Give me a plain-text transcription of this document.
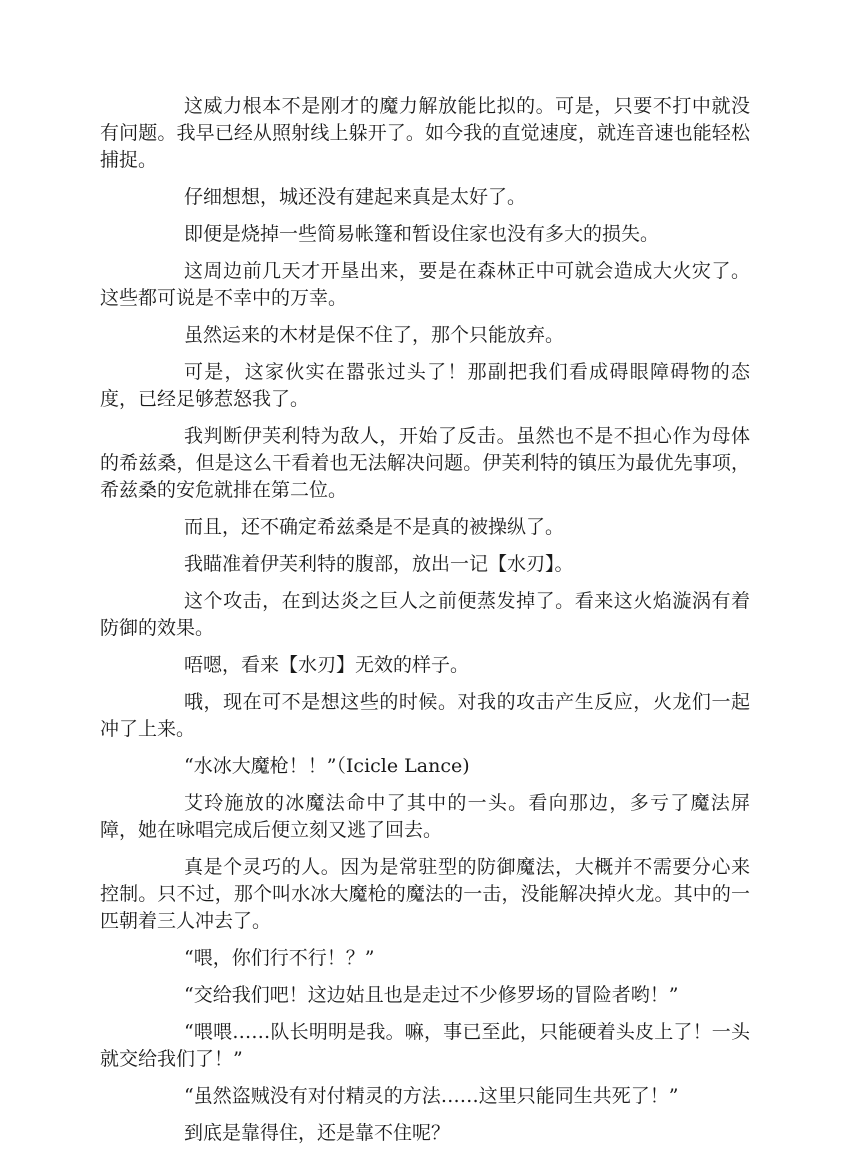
这威力根本不是刚才的魔力解放能比拟的。可是，只要不打中就没有问题。我早已经从照射线上躲开了。如今我的直觉速度，就连音速也能轻松捕捉。

仔细想想，城还没有建起来真是太好了。

即便是烧掉一些简易帐篷和暂设住家也没有多大的损失。

这周边前几天才开垦出来，要是在森林正中可就会造成大火灾了。这些都可说是不幸中的万幸。

虽然运来的木材是保不住了，那个只能放弃。

可是，这家伙实在嚣张过头了！那副把我们看成碍眼障碍物的态度，已经足够惹怒我了。

我判断伊芙利特为敌人，开始了反击。虽然也不是不担心作为母体的希兹桑，但是这么干看着也无法解决问题。伊芙利特的镇压为最优先事项，希兹桑的安危就排在第二位。

而且，还不确定希兹桑是不是真的被操纵了。

我瞄准着伊芙利特的腹部，放出一记【水刃】。

这个攻击，在到达炎之巨人之前便蒸发掉了。看来这火焰漩涡有着防御的效果。

唔嗯，看来【水刃】无效的样子。

哦，现在可不是想这些的时候。对我的攻击产生反应，火龙们一起冲了上来。

“水冰大魔枪！！”（Icicle Lance)

艾玲施放的冰魔法命中了其中的一头。看向那边，多亏了魔法屏障，她在咏唱完成后便立刻又逃了回去。

真是个灵巧的人。因为是常驻型的防御魔法，大概并不需要分心来控制。只不过，那个叫水冰大魔枪的魔法的一击，没能解决掉火龙。其中的一匹朝着三人冲去了。

“喂，你们行不行！？”

“交给我们吧！这边姑且也是走过不少修罗场的冒险者哟！”

“喂喂……队长明明是我。嘛，事已至此，只能硬着头皮上了！一头就交给我们了！”

“虽然盗贼没有对付精灵的方法……这里只能同生共死了！”

到底是靠得住，还是靠不住呢？
